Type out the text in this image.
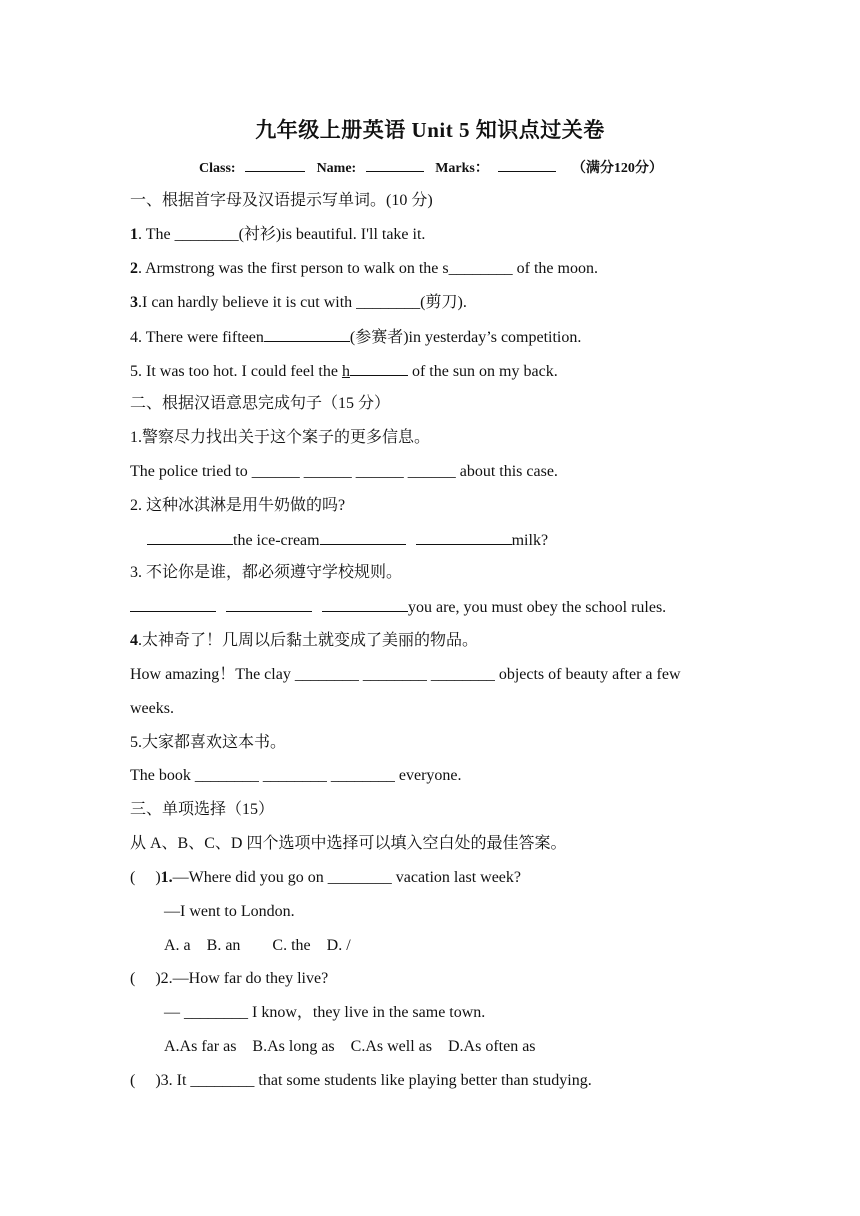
九年级上册英语 Unit 5 知识点过关卷
Class:	Name:	Marks：	（满分120分）
一、根据首字母及汉语提示写单词。(10 分)
1. The ________(衬衫)is beautiful. I'll take it.
2. Armstrong was the first person to walk on the s________ of the moon.
3.I can hardly believe it is cut with ________(剪刀).
4. There were fifteen	(参赛者)in yesterday’s competition.
5. It was too hot. I could feel the h	of the sun on my back.
二、根据汉语意思完成句子（15 分）
1.警察尽力找出关于这个案子的更多信息。
The police tried to ______ ______ ______ ______ about this case.
2. 这种冰淇淋是用牛奶做的吗?
the ice-cream	milk?
3. 不论你是谁，都必须遵守学校规则。
you are, you must obey the school rules.
4.太神奇了！几周以后黏土就变成了美丽的物品。
How amazing！The clay ________ ________ ________ objects of beauty after a few
weeks.
5.大家都喜欢这本书。
The book ________ ________ ________ everyone.
三、单项选择（15）
从 A、B、C、D 四个选项中选择可以填入空白处的最佳答案。
(     )1.—Where did you go on ________ vacation last week?
—I went to London.
A. a    B. an        C. the    D. /
(     )2.—How far do they live?
— ________ I know，they live in the same town.
A.As far as    B.As long as    C.As well as    D.As often as
(     )3. It ________ that some students like playing better than studying.
